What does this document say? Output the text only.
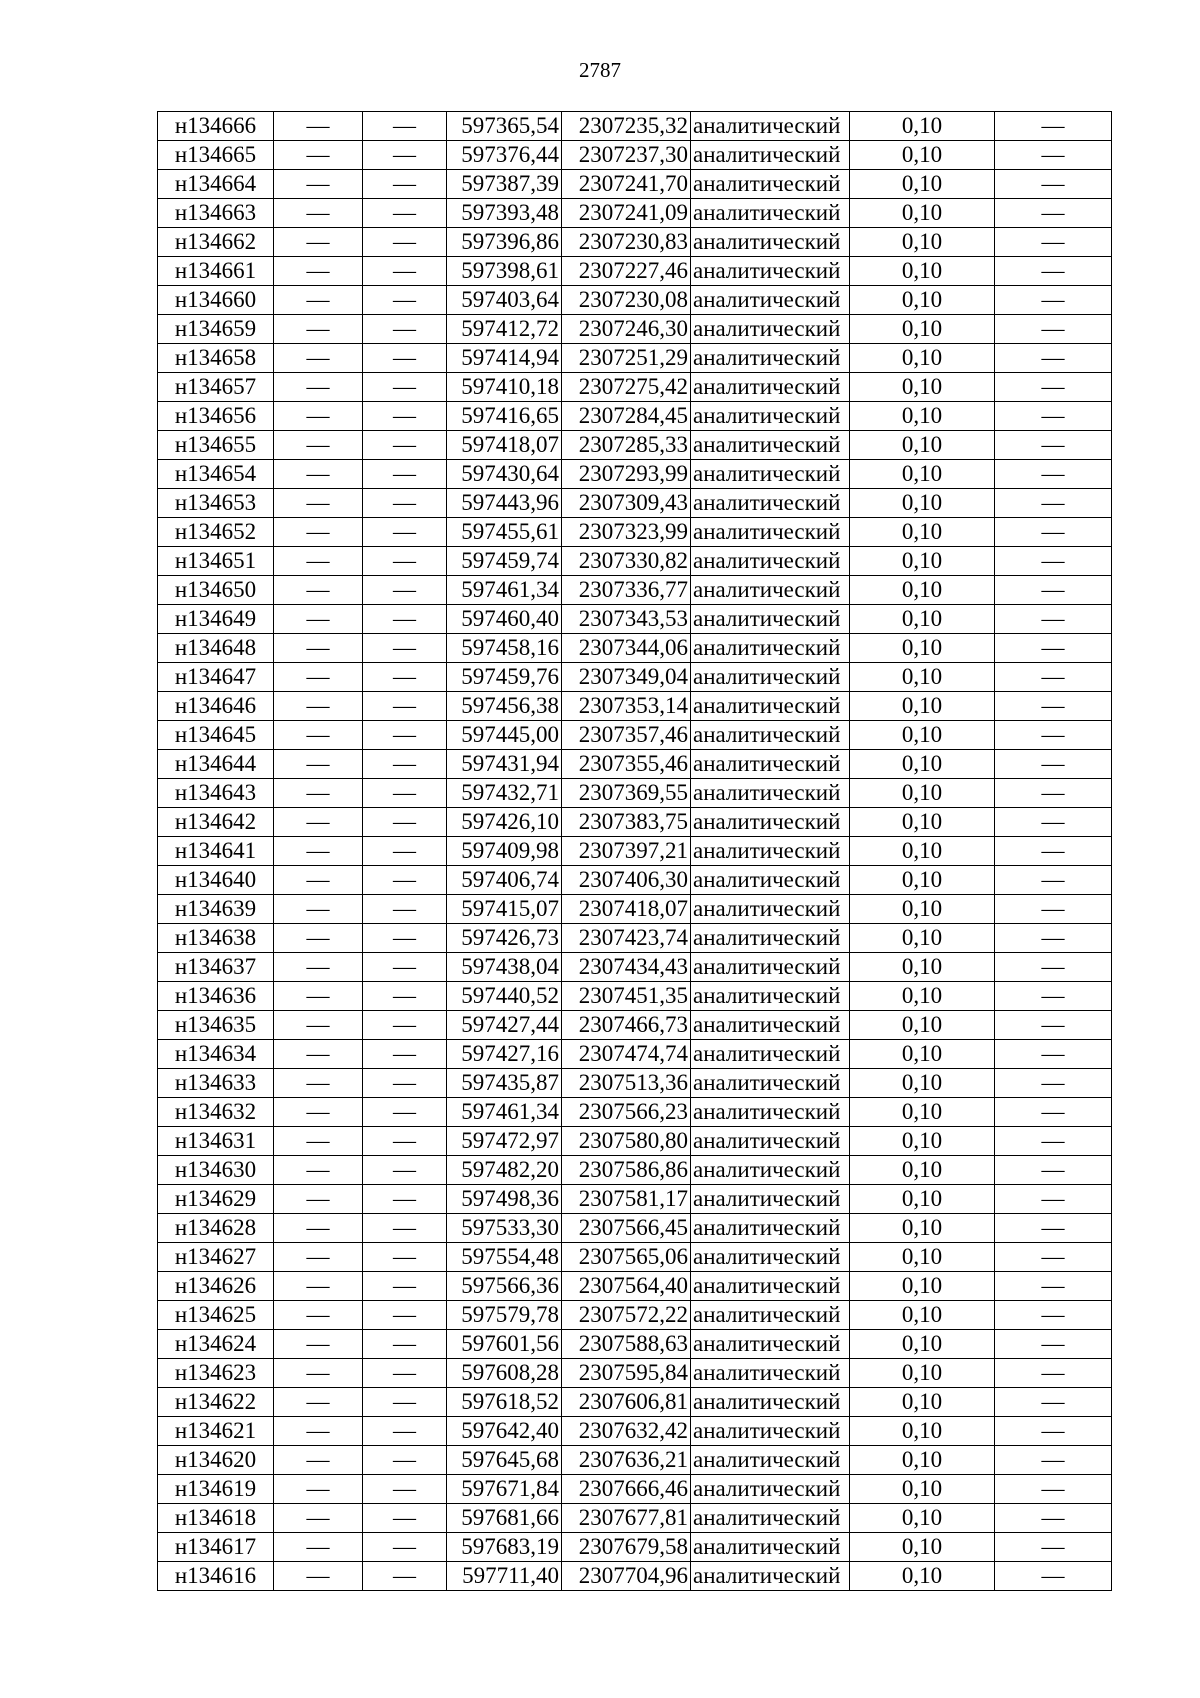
2787
н134666	—	—	597365,54	2307235,32	аналитический	0,10	—
н134665	—	—	597376,44	2307237,30	аналитический	0,10	—
н134664	—	—	597387,39	2307241,70	аналитический	0,10	—
н134663	—	—	597393,48	2307241,09	аналитический	0,10	—
н134662	—	—	597396,86	2307230,83	аналитический	0,10	—
н134661	—	—	597398,61	2307227,46	аналитический	0,10	—
н134660	—	—	597403,64	2307230,08	аналитический	0,10	—
н134659	—	—	597412,72	2307246,30	аналитический	0,10	—
н134658	—	—	597414,94	2307251,29	аналитический	0,10	—
н134657	—	—	597410,18	2307275,42	аналитический	0,10	—
н134656	—	—	597416,65	2307284,45	аналитический	0,10	—
н134655	—	—	597418,07	2307285,33	аналитический	0,10	—
н134654	—	—	597430,64	2307293,99	аналитический	0,10	—
н134653	—	—	597443,96	2307309,43	аналитический	0,10	—
н134652	—	—	597455,61	2307323,99	аналитический	0,10	—
н134651	—	—	597459,74	2307330,82	аналитический	0,10	—
н134650	—	—	597461,34	2307336,77	аналитический	0,10	—
н134649	—	—	597460,40	2307343,53	аналитический	0,10	—
н134648	—	—	597458,16	2307344,06	аналитический	0,10	—
н134647	—	—	597459,76	2307349,04	аналитический	0,10	—
н134646	—	—	597456,38	2307353,14	аналитический	0,10	—
н134645	—	—	597445,00	2307357,46	аналитический	0,10	—
н134644	—	—	597431,94	2307355,46	аналитический	0,10	—
н134643	—	—	597432,71	2307369,55	аналитический	0,10	—
н134642	—	—	597426,10	2307383,75	аналитический	0,10	—
н134641	—	—	597409,98	2307397,21	аналитический	0,10	—
н134640	—	—	597406,74	2307406,30	аналитический	0,10	—
н134639	—	—	597415,07	2307418,07	аналитический	0,10	—
н134638	—	—	597426,73	2307423,74	аналитический	0,10	—
н134637	—	—	597438,04	2307434,43	аналитический	0,10	—
н134636	—	—	597440,52	2307451,35	аналитический	0,10	—
н134635	—	—	597427,44	2307466,73	аналитический	0,10	—
н134634	—	—	597427,16	2307474,74	аналитический	0,10	—
н134633	—	—	597435,87	2307513,36	аналитический	0,10	—
н134632	—	—	597461,34	2307566,23	аналитический	0,10	—
н134631	—	—	597472,97	2307580,80	аналитический	0,10	—
н134630	—	—	597482,20	2307586,86	аналитический	0,10	—
н134629	—	—	597498,36	2307581,17	аналитический	0,10	—
н134628	—	—	597533,30	2307566,45	аналитический	0,10	—
н134627	—	—	597554,48	2307565,06	аналитический	0,10	—
н134626	—	—	597566,36	2307564,40	аналитический	0,10	—
н134625	—	—	597579,78	2307572,22	аналитический	0,10	—
н134624	—	—	597601,56	2307588,63	аналитический	0,10	—
н134623	—	—	597608,28	2307595,84	аналитический	0,10	—
н134622	—	—	597618,52	2307606,81	аналитический	0,10	—
н134621	—	—	597642,40	2307632,42	аналитический	0,10	—
н134620	—	—	597645,68	2307636,21	аналитический	0,10	—
н134619	—	—	597671,84	2307666,46	аналитический	0,10	—
н134618	—	—	597681,66	2307677,81	аналитический	0,10	—
н134617	—	—	597683,19	2307679,58	аналитический	0,10	—
н134616	—	—	597711,40	2307704,96	аналитический	0,10	—
